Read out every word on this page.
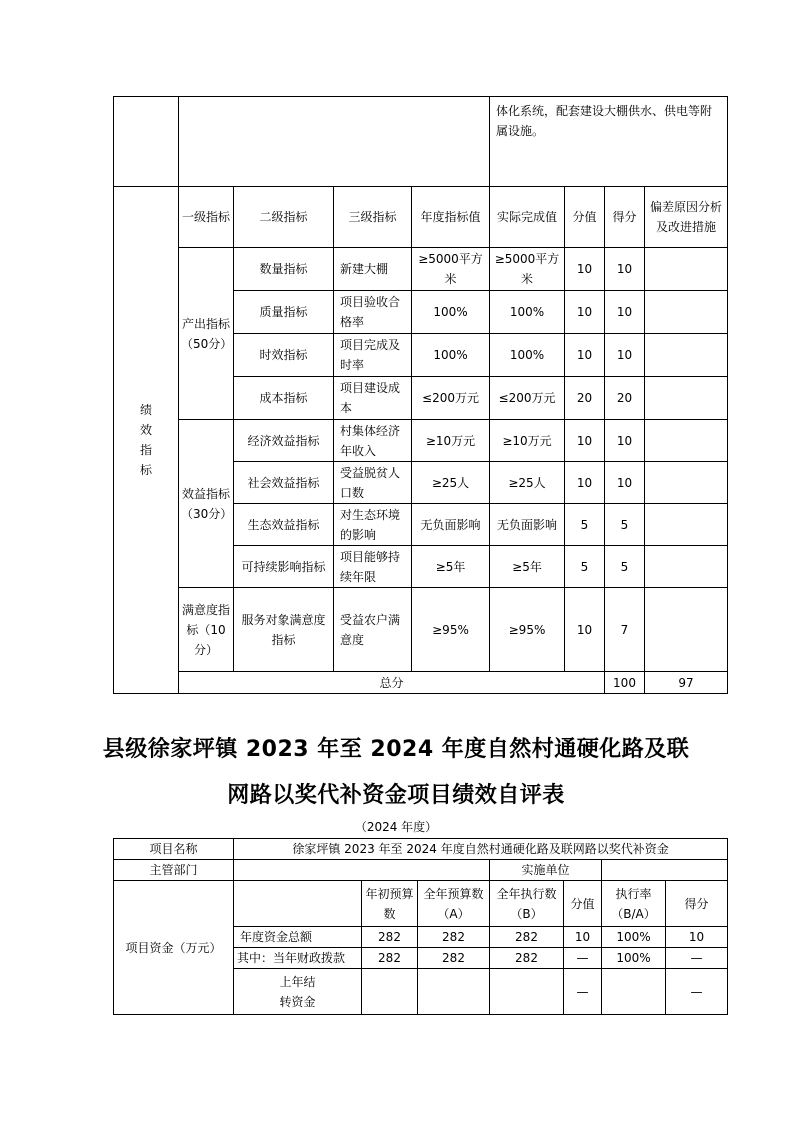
					体化系统，配套建设大棚供水、供电等附属设施。				
绩效指标	一级指标	二级指标	三级指标	年度指标值	实际完成值	分值	得分	偏差原因分析及改进措施	
	产出指标（50分）	数量指标	新建大棚	≥5000平方米	≥5000平方米	10	10		
		质量指标	项目验收合格率	100%	100%	10	10		
		时效指标	项目完成及时率	100%	100%	10	10		
		成本指标	项目建设成本	≤200万元	≤200万元	20	20		
	效益指标（30分）	经济效益指标	村集体经济年收入	≥10万元	≥10万元	10	10		
		社会效益指标	受益脱贫人口数	≥25人	≥25人	10	10		
		生态效益指标	对生态环境的影响	无负面影响	无负面影响	5	5		
		可持续影响指标	项目能够持续年限	≥5年	≥5年	5	5		
	满意度指标（10分）	服务对象满意度指标	受益农户满意度	≥95%	≥95%	10	7		
	总分						100	97	
县级徐家坪镇 2023 年至 2024 年度自然村通硬化路及联
网路以奖代补资金项目绩效自评表
（2024 年度）
项目名称	徐家坪镇 2023 年至 2024 年度自然村通硬化路及联网路以奖代补资金						
主管部门				实施单位			
项目资金（万元）		年初预算数	全年预算数（A）	全年执行数（B）	分值	执行率（B/A）	得分
	年度资金总额	282	282	282	10	100%	10
	其中：当年财政拨款	282	282	282	—	100%	—
	上年结转资金				—		—
